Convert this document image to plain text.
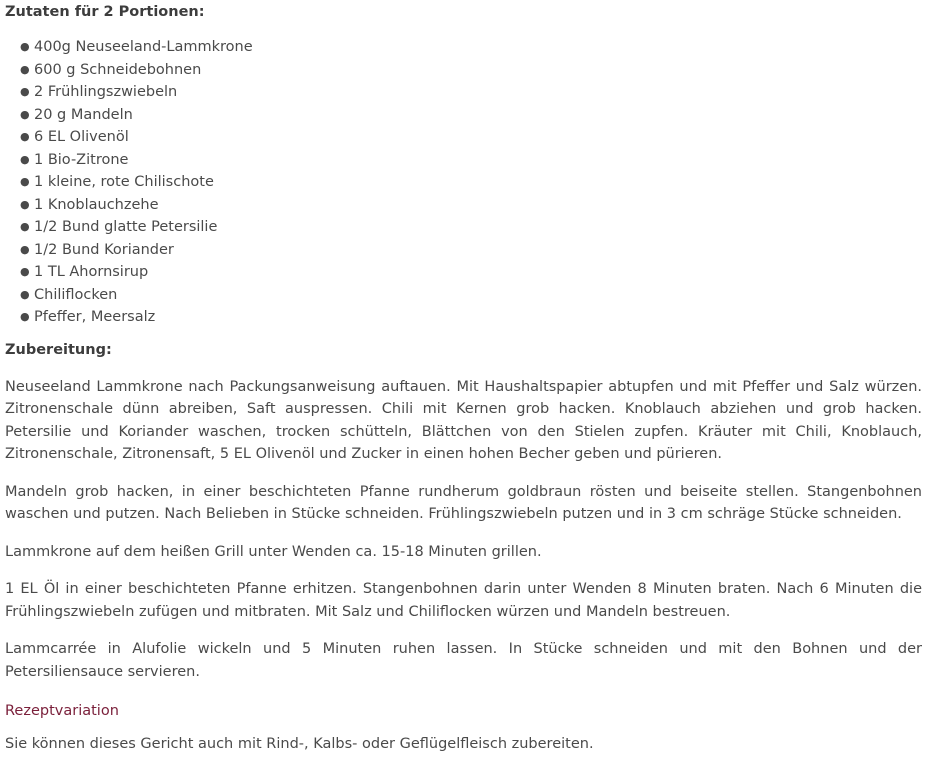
Zutaten für 2 Portionen:
● 400g Neuseeland-Lammkrone
● 600 g Schneidebohnen
● 2 Frühlingszwiebeln
● 20 g Mandeln
● 6 EL Olivenöl
● 1 Bio-Zitrone
● 1 kleine, rote Chilischote
● 1 Knoblauchzehe
● 1/2 Bund glatte Petersilie
● 1/2 Bund Koriander
● 1 TL Ahornsirup
● Chiliflocken
● Pfeffer, Meersalz
Zubereitung:

Neuseeland Lammkrone nach Packungsanweisung auftauen. Mit Haushaltspapier abtupfen und mit Pfeffer und Salz würzen. Zitronenschale dünn abreiben, Saft auspressen. Chili mit Kernen grob hacken. Knoblauch abziehen und grob hacken. Petersilie und Koriander waschen, trocken schütteln, Blättchen von den Stielen zupfen. Kräuter mit Chili, Knoblauch, Zitronenschale, Zitronensaft, 5 EL Olivenöl und Zucker in einen hohen Becher geben und pürieren.

Mandeln grob hacken, in einer beschichteten Pfanne rundherum goldbraun rösten und beiseite stellen. Stangenbohnen waschen und putzen. Nach Belieben in Stücke schneiden. Frühlingszwiebeln putzen und in 3 cm schräge Stücke schneiden.

Lammkrone auf dem heißen Grill unter Wenden ca. 15-18 Minuten grillen.

1 EL Öl in einer beschichteten Pfanne erhitzen. Stangenbohnen darin unter Wenden 8 Minuten braten. Nach 6 Minuten die Frühlingszwiebeln zufügen und mitbraten. Mit Salz und Chiliflocken würzen und Mandeln bestreuen.

Lammcarrée in Alufolie wickeln und 5 Minuten ruhen lassen. In Stücke schneiden und mit den Bohnen und der Petersiliensauce servieren.

Rezeptvariation

Sie können dieses Gericht auch mit Rind-, Kalbs- oder Geflügelfleisch zubereiten.
